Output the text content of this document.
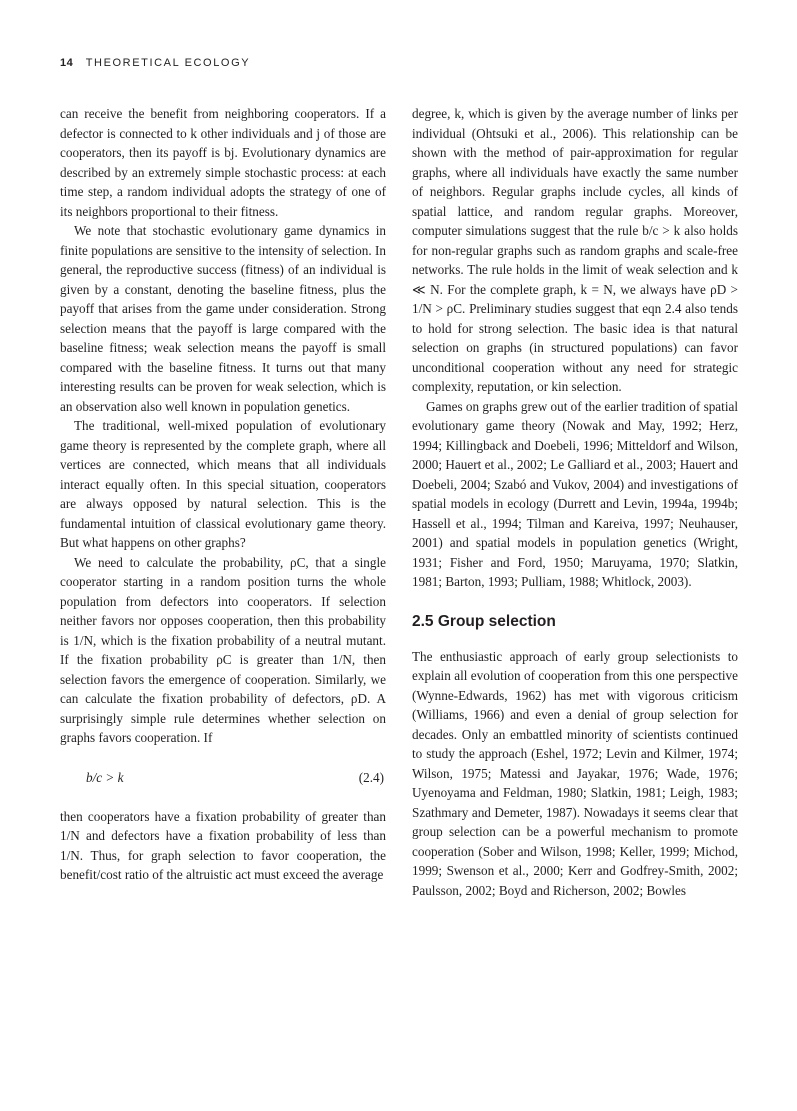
14 THEORETICAL ECOLOGY

can receive the benefit from neighboring cooperators. If a defector is connected to k other individuals and j of those are cooperators, then its payoff is bj. Evolutionary dynamics are described by an extremely simple stochastic process: at each time step, a random individual adopts the strategy of one of its neighbors proportional to their fitness.

We note that stochastic evolutionary game dynamics in finite populations are sensitive to the intensity of selection. In general, the reproductive success (fitness) of an individual is given by a constant, denoting the baseline fitness, plus the payoff that arises from the game under consideration. Strong selection means that the payoff is large compared with the baseline fitness; weak selection means the payoff is small compared with the baseline fitness. It turns out that many interesting results can be proven for weak selection, which is an observation also well known in population genetics.

The traditional, well-mixed population of evolutionary game theory is represented by the complete graph, where all vertices are connected, which means that all individuals interact equally often. In this special situation, cooperators are always opposed by natural selection. This is the fundamental intuition of classical evolutionary game theory. But what happens on other graphs?

We need to calculate the probability, ρC, that a single cooperator starting in a random position turns the whole population from defectors into cooperators. If selection neither favors nor opposes cooperation, then this probability is 1/N, which is the fixation probability of a neutral mutant. If the fixation probability ρC is greater than 1/N, then selection favors the emergence of cooperation. Similarly, we can calculate the fixation probability of defectors, ρD. A surprisingly simple rule determines whether selection on graphs favors cooperation. If

b/c > k	(2.4)

then cooperators have a fixation probability of greater than 1/N and defectors have a fixation probability of less than 1/N. Thus, for graph selection to favor cooperation, the benefit/cost ratio of the altruistic act must exceed the average

degree, k, which is given by the average number of links per individual (Ohtsuki et al., 2006). This relationship can be shown with the method of pair-approximation for regular graphs, where all individuals have exactly the same number of neighbors. Regular graphs include cycles, all kinds of spatial lattice, and random regular graphs. Moreover, computer simulations suggest that the rule b/c > k also holds for non-regular graphs such as random graphs and scale-free networks. The rule holds in the limit of weak selection and k ≪ N. For the complete graph, k = N, we always have ρD > 1/N > ρC. Preliminary studies suggest that eqn 2.4 also tends to hold for strong selection. The basic idea is that natural selection on graphs (in structured populations) can favor unconditional cooperation without any need for strategic complexity, reputation, or kin selection.

Games on graphs grew out of the earlier tradition of spatial evolutionary game theory (Nowak and May, 1992; Herz, 1994; Killingback and Doebeli, 1996; Mitteldorf and Wilson, 2000; Hauert et al., 2002; Le Galliard et al., 2003; Hauert and Doebeli, 2004; Szabó and Vukov, 2004) and investigations of spatial models in ecology (Durrett and Levin, 1994a, 1994b; Hassell et al., 1994; Tilman and Kareiva, 1997; Neuhauser, 2001) and spatial models in population genetics (Wright, 1931; Fisher and Ford, 1950; Maruyama, 1970; Slatkin, 1981; Barton, 1993; Pulliam, 1988; Whitlock, 2003).

2.5 Group selection

The enthusiastic approach of early group selectionists to explain all evolution of cooperation from this one perspective (Wynne-Edwards, 1962) has met with vigorous criticism (Williams, 1966) and even a denial of group selection for decades. Only an embattled minority of scientists continued to study the approach (Eshel, 1972; Levin and Kilmer, 1974; Wilson, 1975; Matessi and Jayakar, 1976; Wade, 1976; Uyenoyama and Feldman, 1980; Slatkin, 1981; Leigh, 1983; Szathmary and Demeter, 1987). Nowadays it seems clear that group selection can be a powerful mechanism to promote cooperation (Sober and Wilson, 1998; Keller, 1999; Michod, 1999; Swenson et al., 2000; Kerr and Godfrey-Smith, 2002; Paulsson, 2002; Boyd and Richerson, 2002; Bowles
